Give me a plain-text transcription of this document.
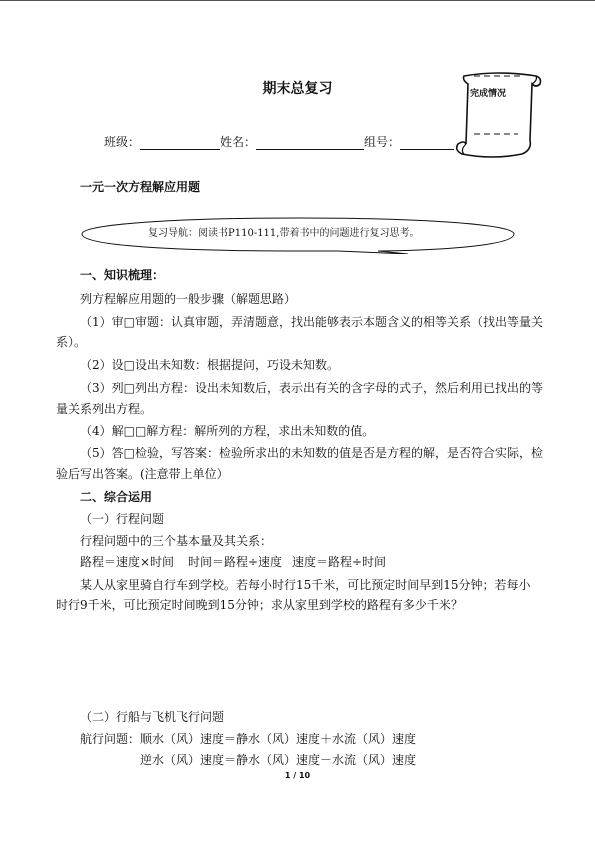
期末总复习	完成情况
班级：	姓名：	组号：
一元一次方程解应用题
复习导航：阅读书P110-111,带着书中的问题进行复习思考。
一、知识梳理：
列方程解应用题的一般步骤（解题思路）
（1）审□审题：认真审题，弄清题意，找出能够表示本题含义的相等关系（找出等量关
系）。
（2）设□设出未知数：根据提问，巧设未知数。
（3）列□列出方程：设出未知数后，表示出有关的含字母的式子，然后利用已找出的等
量关系列出方程。
（4）解□□解方程：解所列的方程，求出未知数的值。
（5）答□检验，写答案：检验所求出的未知数的值是否是方程的解，是否符合实际，检
验后写出答案。(注意带上单位）
二、综合运用
（一）行程问题
行程问题中的三个基本量及其关系：
路程＝速度×时间 时间＝路程÷速度 速度＝路程÷时间
某人从家里骑自行车到学校。若每小时行15千米，可比预定时间早到15分钟；若每小
时行9千米，可比预定时间晚到15分钟；求从家里到学校的路程有多少千米？
（二）行船与飞机飞行问题
航行问题：顺水（风）速度＝静水（风）速度＋水流（风）速度
逆水（风）速度＝静水（风）速度－水流（风）速度
1 / 10
